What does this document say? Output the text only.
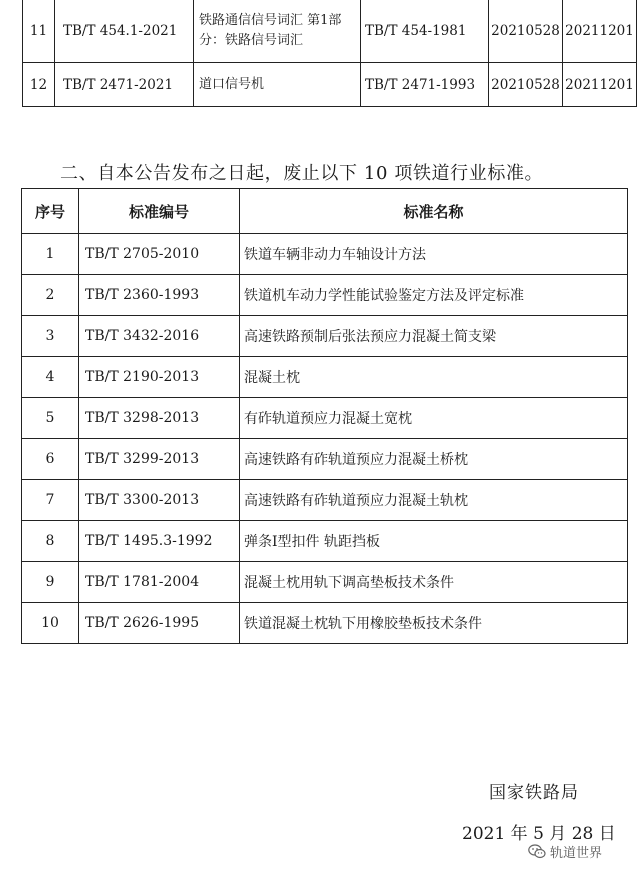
11	TB/T 454.1-2021	铁路通信信号词汇 第1部分：铁路信号词汇	TB/T 454-1981	20210528	20211201
12	TB/T 2471-2021	道口信号机	TB/T 2471-1993	20210528	20211201
二、自本公告发布之日起，废止以下 10 项铁道行业标准。
序号	标准编号	标准名称
1	TB/T 2705-2010	铁道车辆非动力车轴设计方法
2	TB/T 2360-1993	铁道机车动力学性能试验鉴定方法及评定标准
3	TB/T 3432-2016	高速铁路预制后张法预应力混凝土简支梁
4	TB/T 2190-2013	混凝土枕
5	TB/T 3298-2013	有砟轨道预应力混凝土宽枕
6	TB/T 3299-2013	高速铁路有砟轨道预应力混凝土桥枕
7	TB/T 3300-2013	高速铁路有砟轨道预应力混凝土轨枕
8	TB/T 1495.3-1992	弹条Ⅰ型扣件 轨距挡板
9	TB/T 1781-2004	混凝土枕用轨下调高垫板技术条件
10	TB/T 2626-1995	铁道混凝土枕轨下用橡胶垫板技术条件
国家铁路局
2021 年 5 月 28 日
轨道世界
